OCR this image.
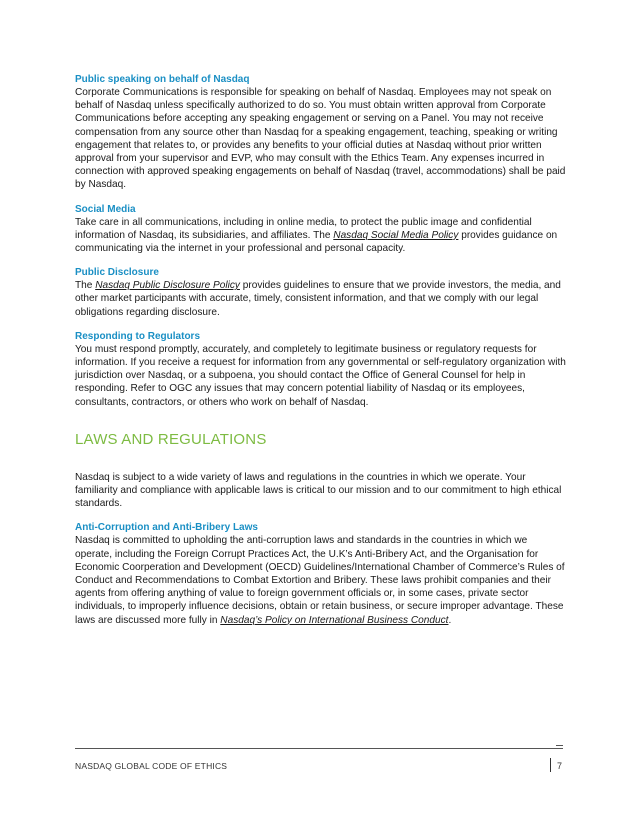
Public speaking on behalf of Nasdaq

Corporate Communications is responsible for speaking on behalf of Nasdaq. Employees may not speak on behalf of Nasdaq unless specifically authorized to do so. You must obtain written approval from Corporate Communications before accepting any speaking engagement or serving on a Panel. You may not receive compensation from any source other than Nasdaq for a speaking engagement, teaching, speaking or writing engagement that relates to, or provides any benefits to your official duties at Nasdaq without prior written approval from your supervisor and EVP, who may consult with the Ethics Team. Any expenses incurred in connection with approved speaking engagements on behalf of Nasdaq (travel, accommodations) shall be paid by Nasdaq.

Social Media

Take care in all communications, including in online media, to protect the public image and confidential information of Nasdaq, its subsidiaries, and affiliates. The Nasdaq Social Media Policy provides guidance on communicating via the internet in your professional and personal capacity.

Public Disclosure

The Nasdaq Public Disclosure Policy provides guidelines to ensure that we provide investors, the media, and other market participants with accurate, timely, consistent information, and that we comply with our legal obligations regarding disclosure.

Responding to Regulators

You must respond promptly, accurately, and completely to legitimate business or regulatory requests for information. If you receive a request for information from any governmental or self-regulatory organization with jurisdiction over Nasdaq, or a subpoena, you should contact the Office of General Counsel for help in responding. Refer to OGC any issues that may concern potential liability of Nasdaq or its employees, consultants, contractors, or others who work on behalf of Nasdaq.

LAWS AND REGULATIONS

Nasdaq is subject to a wide variety of laws and regulations in the countries in which we operate. Your familiarity and compliance with applicable laws is critical to our mission and to our commitment to high ethical standards.

Anti-Corruption and Anti-Bribery Laws

Nasdaq is committed to upholding the anti-corruption laws and standards in the countries in which we operate, including the Foreign Corrupt Practices Act, the U.K’s Anti-Bribery Act, and the Organisation for Economic Coorperation and Development (OECD) Guidelines/International Chamber of Commerce’s Rules of Conduct and Recommendations to Combat Extortion and Bribery. These laws prohibit companies and their agents from offering anything of value to foreign government officials or, in some cases, private sector individuals, to improperly influence decisions, obtain or retain business, or secure improper advantage. These laws are discussed more fully in Nasdaq’s Policy on International Business Conduct.

NASDAQ GLOBAL CODE OF ETHICS	7
